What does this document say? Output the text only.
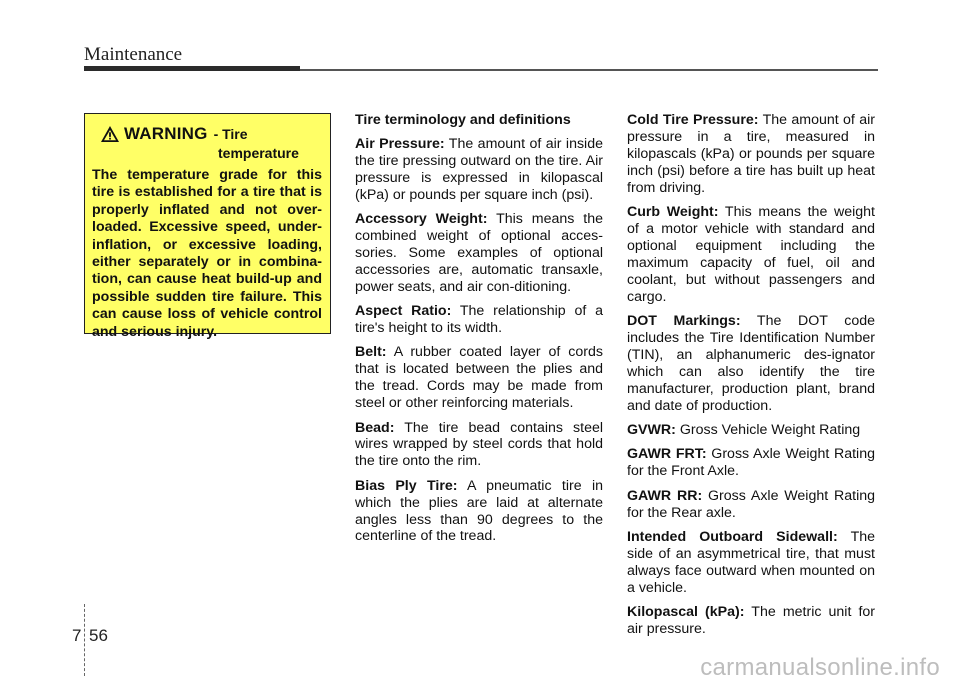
Maintenance
WARNING - Tire
temperature
The temperature grade for this tire is established for a tire that is properly inflated and not over-loaded. Excessive speed, under-inflation, or excessive loading, either separately or in combina-tion, can cause heat build-up and possible sudden tire failure. This can cause loss of vehicle control and serious injury.
Tire terminology and definitions

Air Pressure: The amount of air inside the tire pressing outward on the tire. Air pressure is expressed in kilopascal (kPa) or pounds per square inch (psi).

Accessory Weight: This means the combined weight of optional acces-sories. Some examples of optional accessories are, automatic transaxle, power seats, and air con-ditioning.

Aspect Ratio: The relationship of a tire's height to its width.

Belt: A rubber coated layer of cords that is located between the plies and the tread. Cords may be made from steel or other reinforcing materials.

Bead: The tire bead contains steel wires wrapped by steel cords that hold the tire onto the rim.

Bias Ply Tire: A pneumatic tire in which the plies are laid at alternate angles less than 90 degrees to the centerline of the tread.

Cold Tire Pressure: The amount of air pressure in a tire, measured in kilopascals (kPa) or pounds per square inch (psi) before a tire has built up heat from driving.

Curb Weight: This means the weight of a motor vehicle with standard and optional equipment including the maximum capacity of fuel, oil and coolant, but without passengers and cargo.

DOT Markings: The DOT code includes the Tire Identification Number (TIN), an alphanumeric des-ignator which can also identify the tire manufacturer, production plant, brand and date of production.

GVWR: Gross Vehicle Weight Rating

GAWR FRT: Gross Axle Weight Rating for the Front Axle.

GAWR RR: Gross Axle Weight Rating for the Rear axle.

Intended Outboard Sidewall: The side of an asymmetrical tire, that must always face outward when mounted on a vehicle.

Kilopascal (kPa): The metric unit for air pressure.

7 56
carmanualsonline.info
